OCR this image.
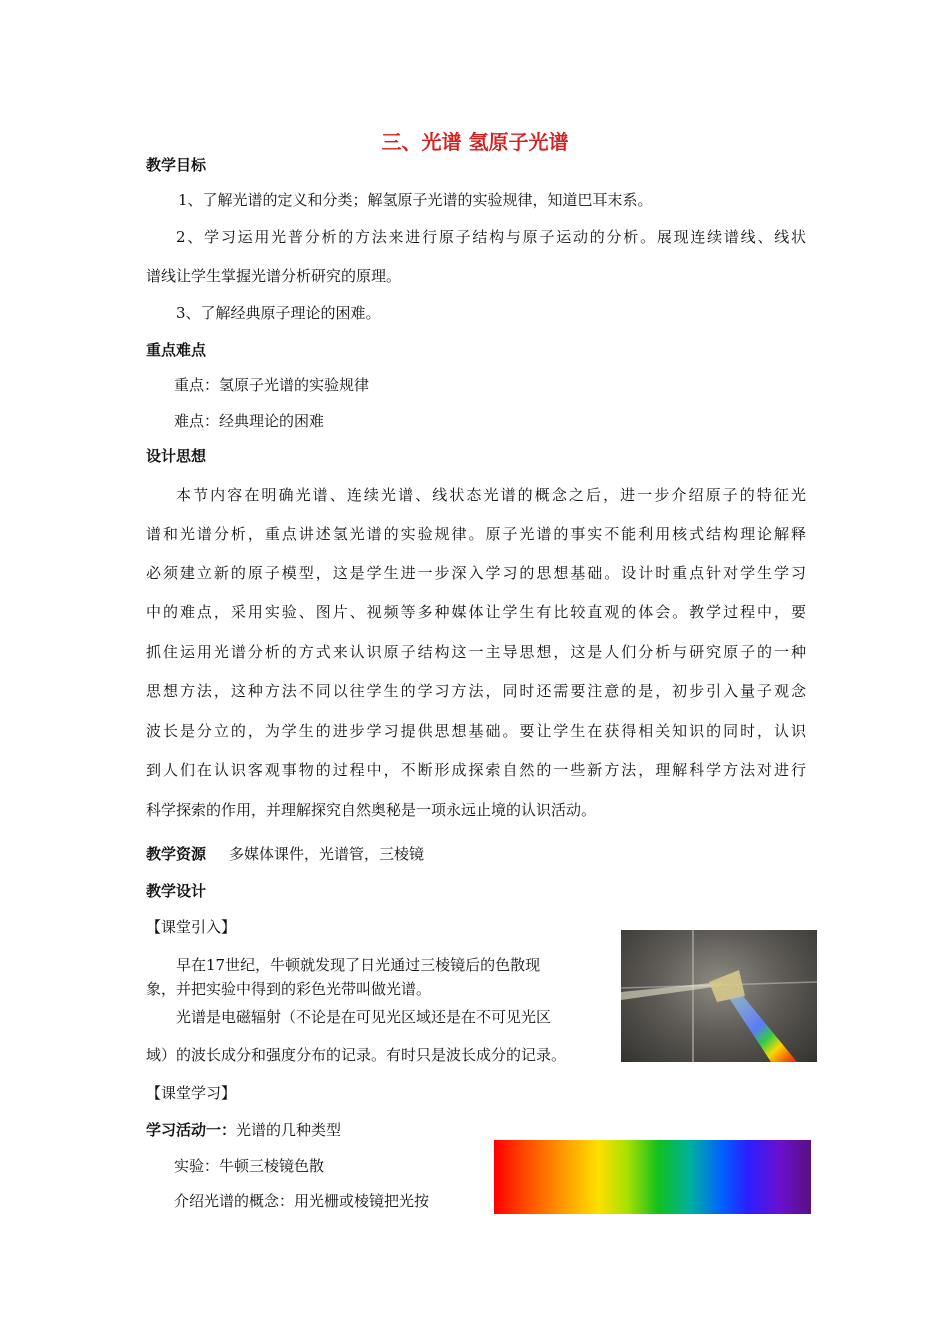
三、光谱 氢原子光谱
教学目标
1、了解光谱的定义和分类；解氢原子光谱的实验规律，知道巴耳末系。
2、学习运用光普分析的方法来进行原子结构与原子运动的分析。展现连续谱线、线状
谱线让学生掌握光谱分析研究的原理。
3、了解经典原子理论的困难。
重点难点
重点：氢原子光谱的实验规律
难点：经典理论的困难
设计思想
本节内容在明确光谱、连续光谱、线状态光谱的概念之后，进一步介绍原子的特征光
谱和光谱分析，重点讲述氢光谱的实验规律。原子光谱的事实不能利用核式结构理论解释
必须建立新的原子模型，这是学生进一步深入学习的思想基础。设计时重点针对学生学习
中的难点，采用实验、图片、视频等多种媒体让学生有比较直观的体会。教学过程中，要
抓住运用光谱分析的方式来认识原子结构这一主导思想，这是人们分析与研究原子的一种
思想方法，这种方法不同以往学生的学习方法，同时还需要注意的是，初步引入量子观念
波长是分立的，为学生的进步学习提供思想基础。要让学生在获得相关知识的同时，认识
到人们在认识客观事物的过程中，不断形成探索自然的一些新方法，理解科学方法对进行
科学探索的作用，并理解探究自然奥秘是一项永远止境的认识活动。
教学资源 多媒体课件，光谱管，三棱镜
教学设计
【课堂引入】
早在17世纪，牛顿就发现了日光通过三棱镜后的色散现
象，并把实验中得到的彩色光带叫做光谱。
光谱是电磁辐射（不论是在可见光区域还是在不可见光区
域）的波长成分和强度分布的记录。有时只是波长成分的记录。
【课堂学习】
学习活动一：光谱的几种类型
实验：牛顿三棱镜色散
介绍光谱的概念：用光栅或棱镜把光按
